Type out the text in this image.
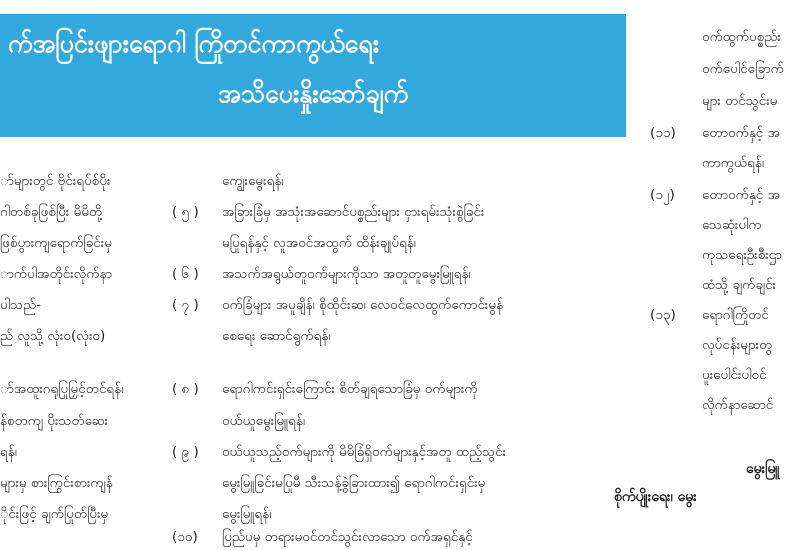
က်အပြင်းဖျားရောဂါ ကြိုတင်ကာကွယ်ရေး
အသိပေးနှိုးဆော်ချက်
ာ်များတွင် ဗိုင်းရပ်စ်ပိုး
ဂါတစ်ခုဖြစ်ပြီး မိမိတို့
ဖြစ်ပွားကျရောက်ခြင်းမှ
ာက်ပါအတိုင်းလိုက်နာ
ပါသည်-
ည် လူသို့ လုံး၀(လုံး၀)
ာ်အထူးဂရုပြုမြှင့်တင်ရန်၊
န်စတကျ ပိုးသတ်ဆေး
ရန်၊
များမှ စားကြွင်းစားကျန်
ိုင်းဖြင့် ချက်ပြုတ်ပြီးမှ
ကျွေးမွေးရန်၊
( ၅ ) အခြားခြံမှ အသုံးအဆောင်ပစ္စည်းများ ငှားရမ်းသုံးစွဲခြင်း
မပြုရန်နှင့် လူအဝင်အထွက် ထိန်းချုပ်ရန်၊
( ၆ ) အသက်အရွယ်တူဝက်များကိုသာ အတူတူမွေးမြူရန်၊
( ၇ ) ဝက်ခြံများ အပူချိန်၊ စိုထိုင်းဆ၊ လေဝင်လေထွက်ကောင်းမွန်
စေရေး ဆောင်ရွက်ရန်၊
( ၈ ) ရောဂါကင်းရှင်းကြောင်း စိတ်ချရသောခြံမှ ဝက်များကို
ဝယ်ယူမွေးမြူရန်၊
( ၉ ) ဝယ်ယူသည့်ဝက်များကို မိမိခြံရှိဝက်များနှင့်အတူ ထည့်သွင်း
မွေးမြူခြင်းမပြုမီ သီးသန့်ခွဲခြားထား၍ ရောဂါကင်းရှင်းမှ
မွေးမြူရန်၊
(၁၀) ပြည်ပမှ တရားမဝင်တင်သွင်းလာသော ဝက်အရှင်နှင့်
ဝက်ထွက်ပစ္စည်း
ဝက်ပေါင်ခြောက်
များ တင်သွင်းမ
(၁၁) တောဝက်နှင့် အ
ကာကွယ်ရန်၊
(၁၂) တောဝက်နှင့် အ
သေဆုံးပါက
ကုသရေးဦးစီးဌာ
ထံသို့ ချက်ချင်း
(၁၃) ရောဂါကြိုတင်
လုပ်ငန်းများတွ
ပူးပေါင်းပါဝင်
လိုက်နာဆောင်
မွေးမြူ
စိုက်ပျိုးရေး၊ မွေး
